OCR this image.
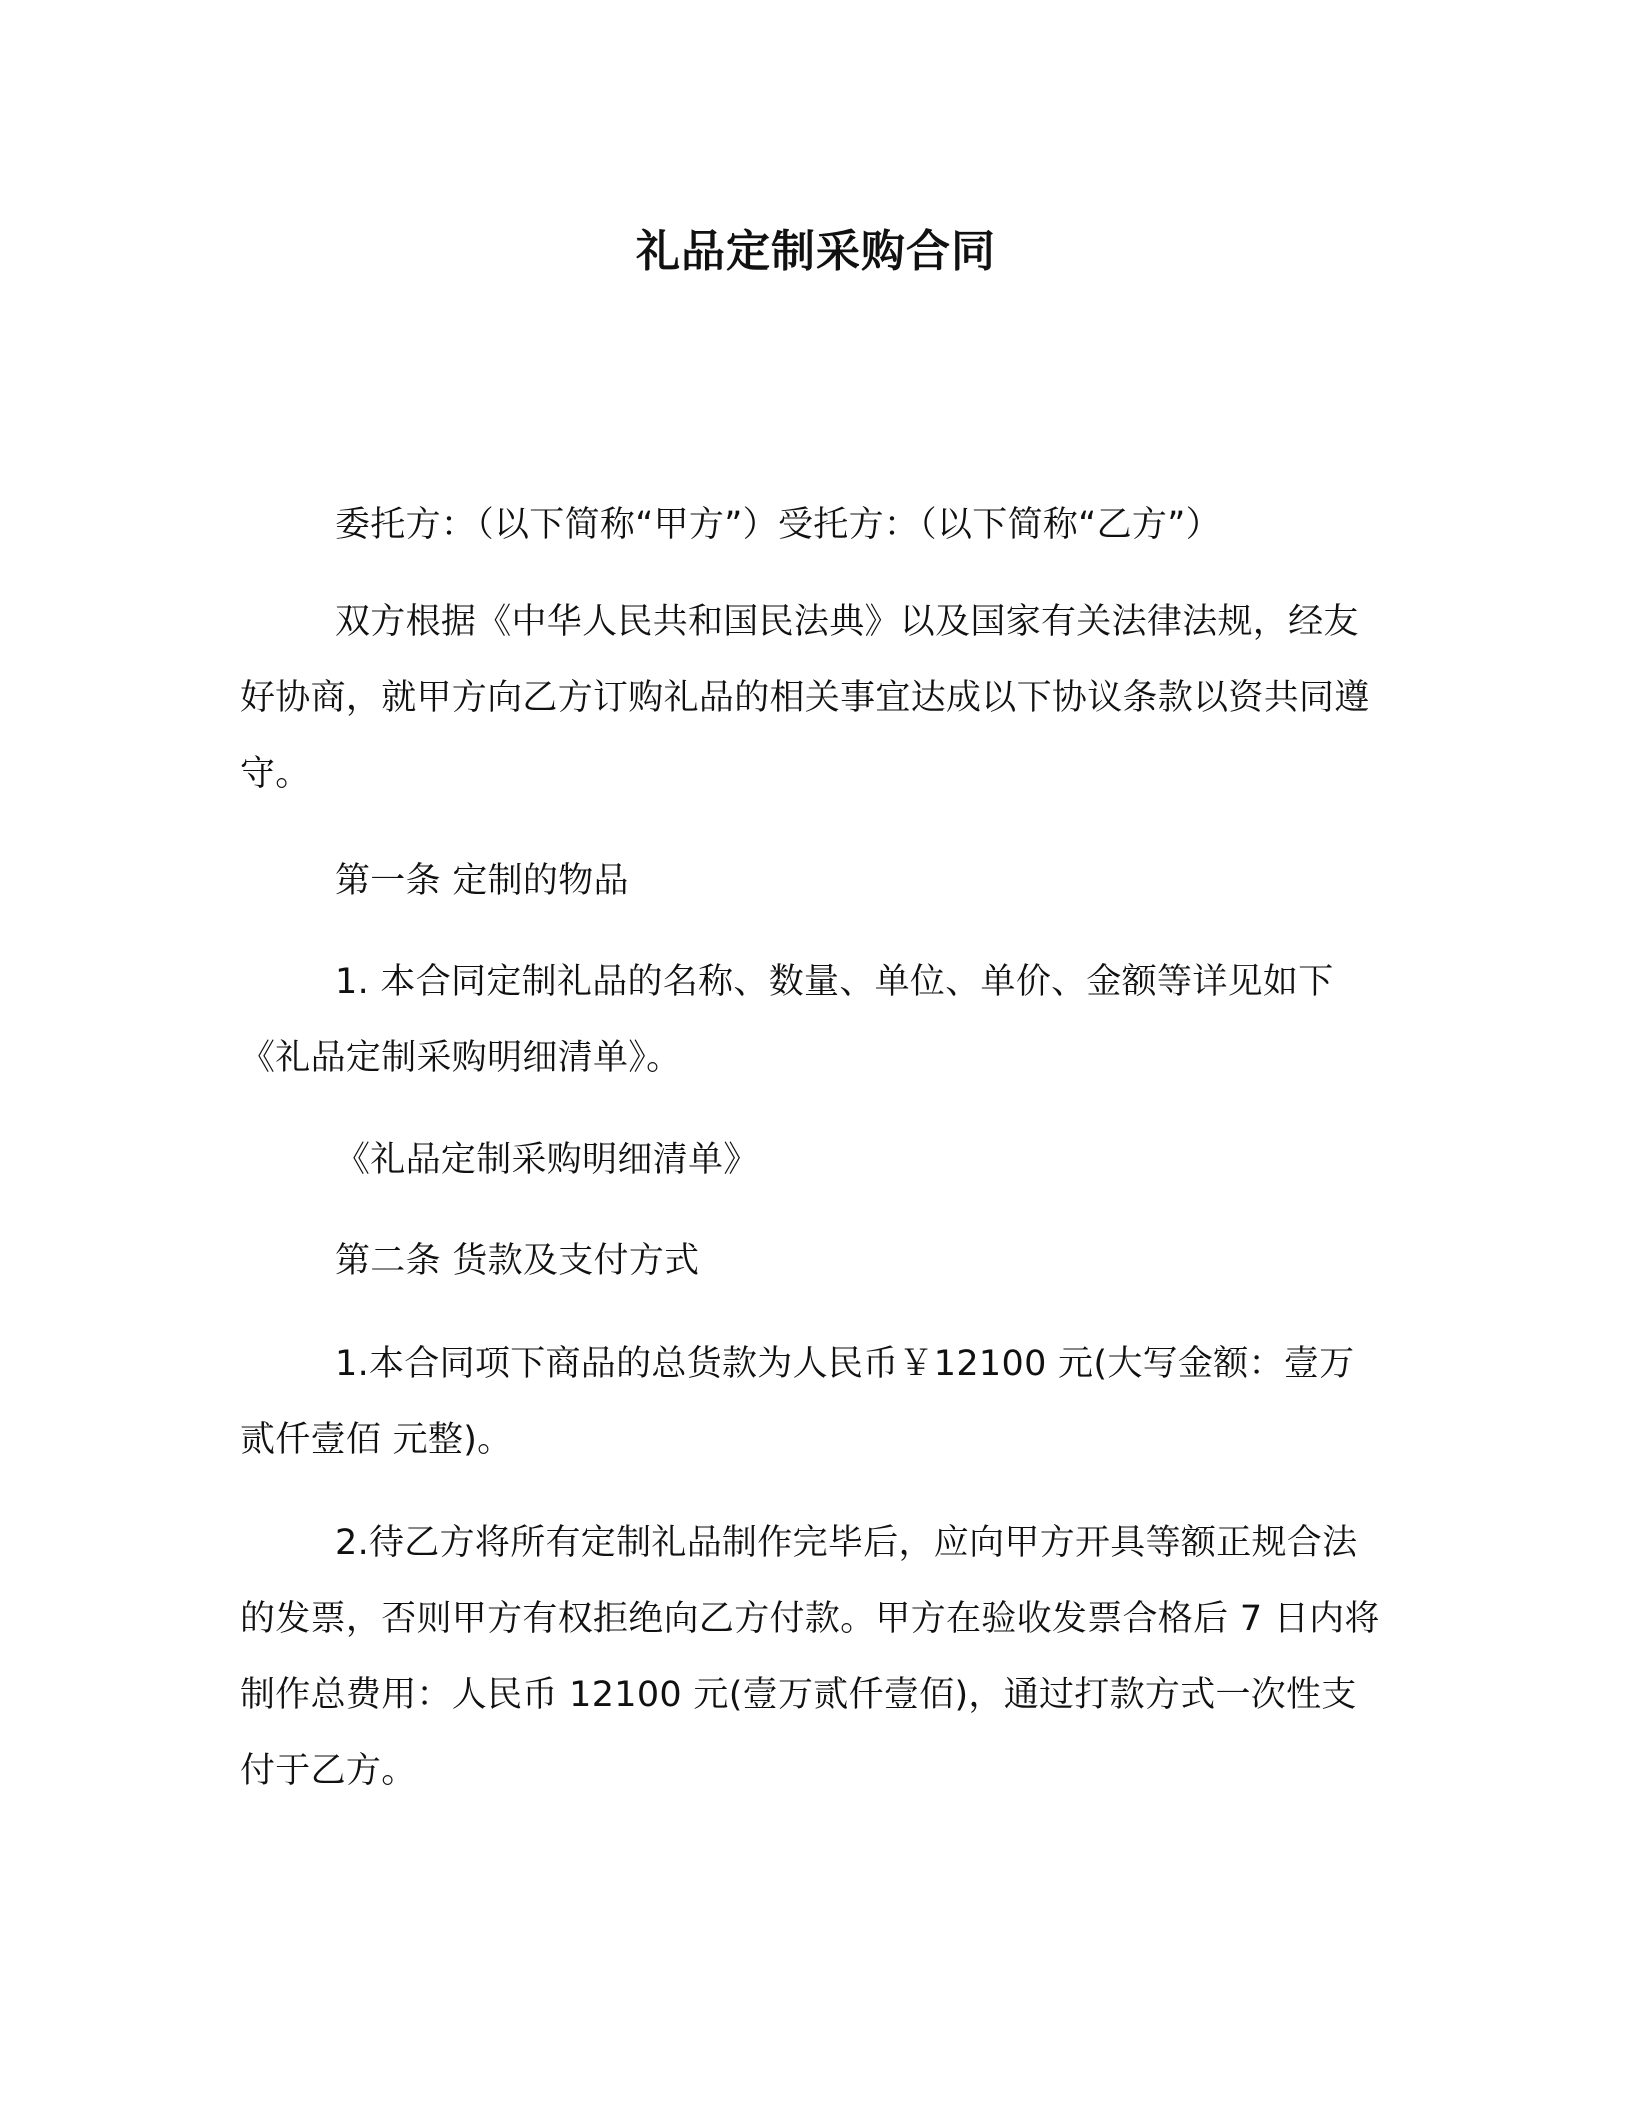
礼品定制采购合同

委托方：（以下简称“甲方”）受托方：（以下简称“乙方”）

双方根据《中华人民共和国民法典》以及国家有关法律法规，经友好协商，就甲方向乙方订购礼品的相关事宜达成以下协议条款以资共同遵守。

第一条 定制的物品

1. 本合同定制礼品的名称、数量、单位、单价、金额等详见如下《礼品定制采购明细清单》。

《礼品定制采购明细清单》

第二条 货款及支付方式

1.本合同项下商品的总货款为人民币￥12100 元(大写金额：壹万贰仟壹佰 元整)。

2.待乙方将所有定制礼品制作完毕后，应向甲方开具等额正规合法的发票，否则甲方有权拒绝向乙方付款。甲方在验收发票合格后 7 日内将制作总费用：人民币 12100 元(壹万贰仟壹佰)，通过打款方式一次性支付于乙方。
